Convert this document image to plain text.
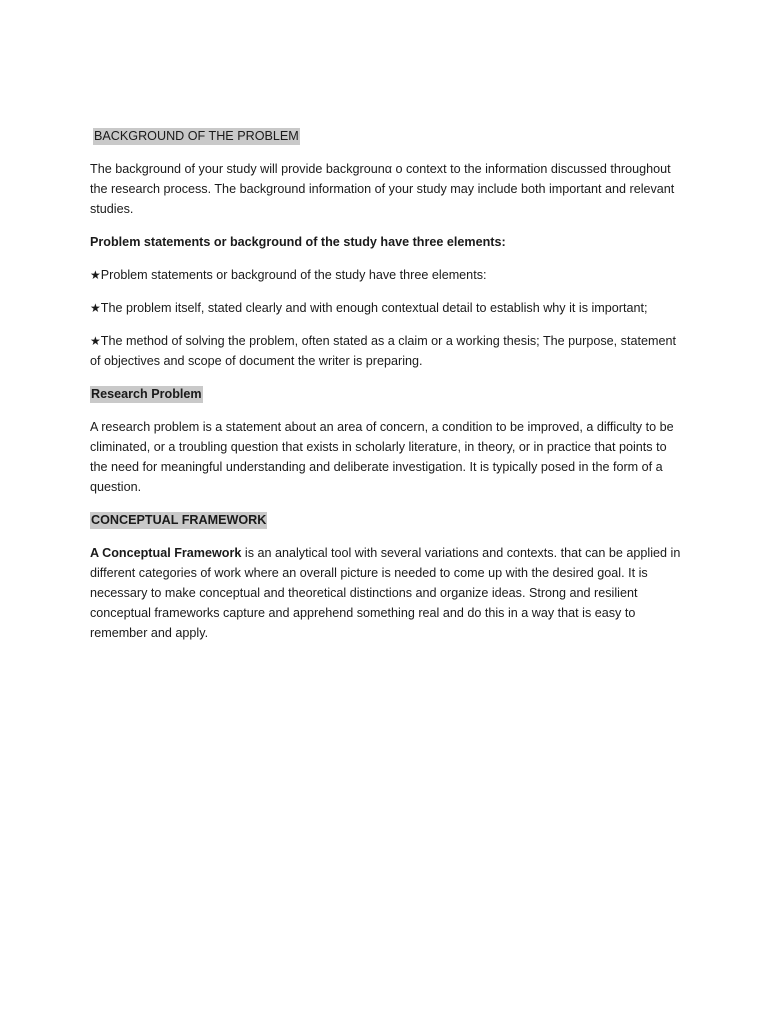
BACKGROUND OF THE PROBLEM

The background of your study will provide backgrounα o context to the information discussed throughout the research process. The background information of your study may include both important and relevant studies.

Problem statements or background of the study have three elements:

★Problem statements or background of the study have three elements:

★The problem itself, stated clearly and with enough contextual detail to establish why it is important;

★The method of solving the problem, often stated as a claim or a working thesis; The purpose, statement of objectives and scope of document the writer is preparing.

Research Problem

A research problem is a statement about an area of concern, a condition to be improved, a difficulty to be climinated, or a troubling question that exists in scholarly literature, in theory, or in practice that points to the need for meaningful understanding and deliberate investigation. It is typically posed in the form of a question.

CONCEPTUAL FRAMEWORK

A Conceptual Framework is an analytical tool with several variations and contexts. that can be applied in different categories of work where an overall picture is needed to come up with the desired goal. It is necessary to make conceptual and theoretical distinctions and organize ideas. Strong and resilient conceptual frameworks capture and apprehend something real and do this in a way that is easy to remember and apply.
